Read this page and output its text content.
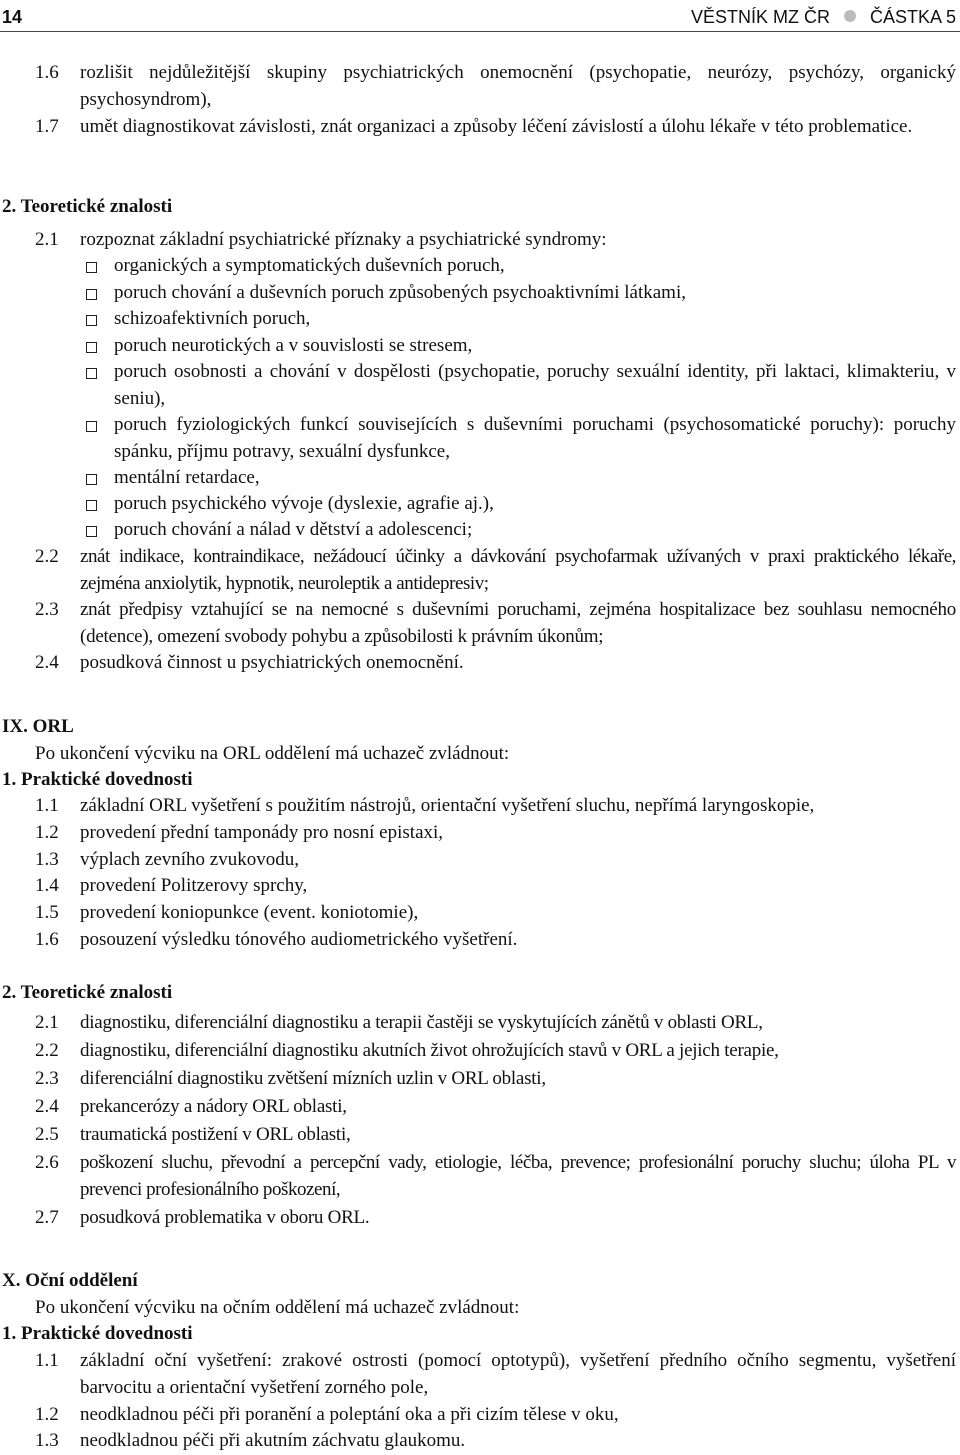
14	VĚSTNÍK MZ ČR ČÁSTKA 5
1.6 rozlišit nejdůležitější skupiny psychiatrických onemocnění (psychopatie, neurózy, psychózy, organický psychosyndrom),
1.7 umět diagnostikovat závislosti, znát organizaci a způsoby léčení závislostí a úlohu lékaře v této problematice.
2. Teoretické znalosti
2.1 rozpoznat základní psychiatrické příznaky a psychiatrické syndromy:
organických a symptomatických duševních poruch,
poruch chování a duševních poruch způsobených psychoaktivními látkami,
schizoafektivních poruch,
poruch neurotických a v souvislosti se stresem,
poruch osobnosti a chování v dospělosti (psychopatie, poruchy sexuální identity, při laktaci, klimakteriu, v seniu),
poruch fyziologických funkcí souvisejících s duševními poruchami (psychosomatické poruchy): poruchy spánku, příjmu potravy, sexuální dysfunkce,
mentální retardace,
poruch psychického vývoje (dyslexie, agrafie aj.),
poruch chování a nálad v dětství a adolescenci;
2.2 znát indikace, kontraindikace, nežádoucí účinky a dávkování psychofarmak užívaných v praxi praktického lékaře, zejména anxiolytik, hypnotik, neuroleptik a antidepresiv;
2.3 znát předpisy vztahující se na nemocné s duševními poruchami, zejména hospitalizace bez souhlasu nemocného (detence), omezení svobody pohybu a způsobilosti k právním úkonům;
2.4 posudková činnost u psychiatrických onemocnění.
IX. ORL
Po ukončení výcviku na ORL oddělení má uchazeč zvládnout:
1. Praktické dovednosti
1.1 základní ORL vyšetření s použitím nástrojů, orientační vyšetření sluchu, nepřímá laryngoskopie,
1.2 provedení přední tamponády pro nosní epistaxi,
1.3 výplach zevního zvukovodu,
1.4 provedení Politzerovy sprchy,
1.5 provedení koniopunkce (event. koniotomie),
1.6 posouzení výsledku tónového audiometrického vyšetření.
2. Teoretické znalosti
2.1 diagnostiku, diferenciální diagnostiku a terapii častěji se vyskytujících zánětů v oblasti ORL,
2.2 diagnostiku, diferenciální diagnostiku akutních život ohrožujících stavů v ORL a jejich terapie,
2.3 diferenciální diagnostiku zvětšení mízních uzlin v ORL oblasti,
2.4 prekancerózy a nádory ORL oblasti,
2.5 traumatická postižení v ORL oblasti,
2.6 poškození sluchu, převodní a percepční vady, etiologie, léčba, prevence; profesionální poruchy sluchu; úloha PL v prevenci profesionálního poškození,
2.7 posudková problematika v oboru ORL.
X. Oční oddělení
Po ukončení výcviku na očním oddělení má uchazeč zvládnout:
1. Praktické dovednosti
1.1 základní oční vyšetření: zrakové ostrosti (pomocí optotypů), vyšetření předního očního segmentu, vyšetření barvocitu a orientační vyšetření zorného pole,
1.2 neodkladnou péči při poranění a poleptání oka a při cizím tělese v oku,
1.3 neodkladnou péči při akutním záchvatu glaukomu.
